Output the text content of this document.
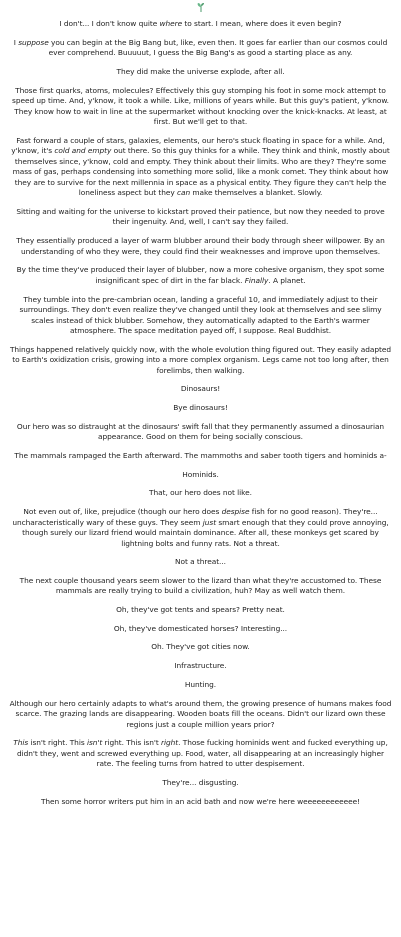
I don't... I don't know quite where to start. I mean, where does it even begin?

I suppose you can begin at the Big Bang but, like, even then. It goes far earlier than our cosmos could ever comprehend. Buuuuut, I guess the Big Bang's as good a starting place as any.

They did make the universe explode, after all.

Those first quarks, atoms, molecules? Effectively this guy stomping his foot in some mock attempt to speed up time. And, y'know, it took a while. Like, millions of years while. But this guy's patient, y'know. They know how to wait in line at the supermarket without knocking over the knick-knacks. At least, at first. But we'll get to that.

Fast forward a couple of stars, galaxies, elements, our hero's stuck floating in space for a while. And, y'know, it's cold and empty out there. So this guy thinks for a while. They think and think, mostly about themselves since, y'know, cold and empty. They think about their limits. Who are they? They're some mass of gas, perhaps condensing into something more solid, like a monk comet. They think about how they are to survive for the next millennia in space as a physical entity. They figure they can't help the loneliness aspect but they can make themselves a blanket. Slowly.

Sitting and waiting for the universe to kickstart proved their patience, but now they needed to prove their ingenuity. And, well, I can't say they failed.

They essentially produced a layer of warm blubber around their body through sheer willpower. By an understanding of who they were, they could find their weaknesses and improve upon themselves.

By the time they've produced their layer of blubber, now a more cohesive organism, they spot some insignificant spec of dirt in the far black. Finally. A planet.

They tumble into the pre-cambrian ocean, landing a graceful 10, and immediately adjust to their surroundings. They don't even realize they've changed until they look at themselves and see slimy scales instead of thick blubber. Somehow, they automatically adapted to the Earth's warmer atmosphere. The space meditation payed off, I suppose. Real Buddhist.

Things happened relatively quickly now, with the whole evolution thing figured out. They easily adapted to Earth's oxidization crisis, growing into a more complex organism. Legs came not too long after, then forelimbs, then walking.

Dinosaurs!

Bye dinosaurs!

Our hero was so distraught at the dinosaurs' swift fall that they permanently assumed a dinosaurian appearance. Good on them for being socially conscious.

The mammals rampaged the Earth afterward. The mammoths and saber tooth tigers and hominids a-

Hominids.

That, our hero does not like.

Not even out of, like, prejudice (though our hero does despise fish for no good reason). They're... uncharacteristically wary of these guys. They seem just smart enough that they could prove annoying, though surely our lizard friend would maintain dominance. After all, these monkeys get scared by lightning bolts and funny rats. Not a threat.

Not a threat...

The next couple thousand years seem slower to the lizard than what they're accustomed to. These mammals are really trying to build a civilization, huh? May as well watch them.

Oh, they've got tents and spears? Pretty neat.

Oh, they've domesticated horses? Interesting...

Oh. They've got cities now.

Infrastructure.

Hunting.

Although our hero certainly adapts to what's around them, the growing presence of humans makes food scarce. The grazing lands are disappearing. Wooden boats fill the oceans. Didn't our lizard own these regions just a couple million years prior?

This isn't right. This isn't right. This isn't right. Those fucking hominids went and fucked everything up, didn't they, went and screwed everything up. Food, water, all disappearing at an increasingly higher rate. The feeling turns from hatred to utter despisement.

They're... disgusting.

Then some horror writers put him in an acid bath and now we're here weeeeeeeeeeee!
